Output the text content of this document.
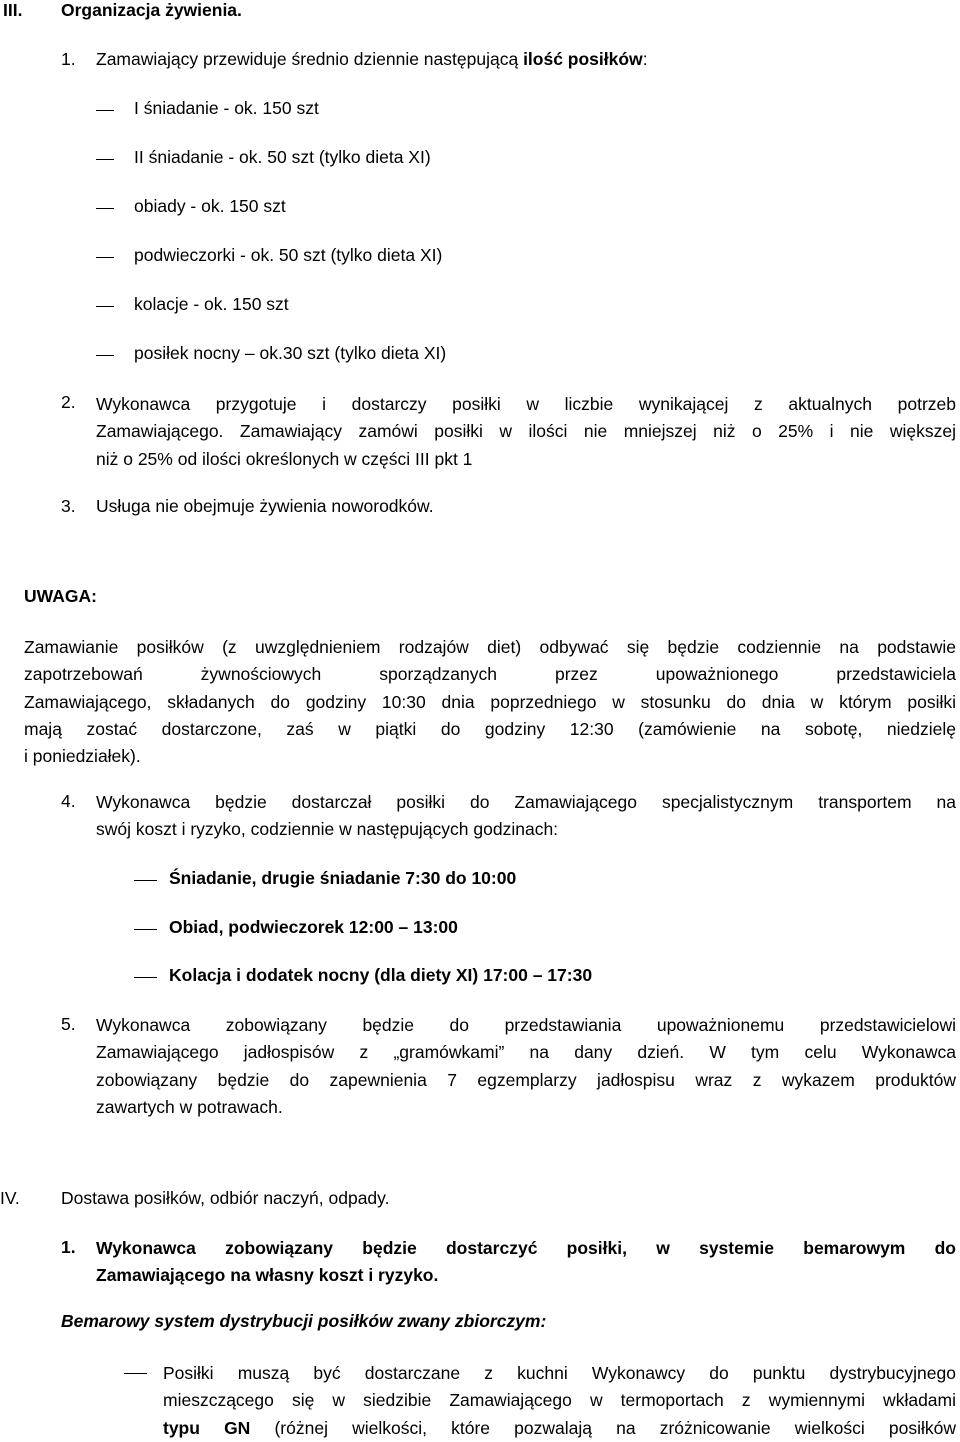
III. Organizacja żywienia.
1. Zamawiający przewiduje średnio dziennie następującą ilość posiłków:
I śniadanie - ok. 150 szt
II śniadanie - ok. 50 szt (tylko dieta XI)
obiady - ok. 150 szt
podwieczorki - ok. 50 szt (tylko dieta XI)
kolacje - ok. 150 szt
posiłek nocny – ok.30 szt (tylko dieta XI)
2. Wykonawca przygotuje i dostarczy posiłki w liczbie wynikającej z aktualnych potrzeb
Zamawiającego. Zamawiający zamówi posiłki w ilości nie mniejszej niż o 25% i nie większej
niż o 25% od ilości określonych w części III pkt 1
3. Usługa nie obejmuje żywienia noworodków.
UWAGA:
Zamawianie posiłków (z uwzględnieniem rodzajów diet) odbywać się będzie codziennie na podstawie
zapotrzebowań żywnościowych sporządzanych przez upoważnionego przedstawiciela
Zamawiającego, składanych do godziny 10:30 dnia poprzedniego w stosunku do dnia w którym posiłki
mają zostać dostarczone, zaś w piątki do godziny 12:30 (zamówienie na sobotę, niedzielę
i poniedziałek).
4. Wykonawca będzie dostarczał posiłki do Zamawiającego specjalistycznym transportem na
swój koszt i ryzyko, codziennie w następujących godzinach:
Śniadanie, drugie śniadanie 7:30 do 10:00
Obiad, podwieczorek 12:00 – 13:00
Kolacja i dodatek nocny (dla diety XI) 17:00 – 17:30
5. Wykonawca zobowiązany będzie do przedstawiania upoważnionemu przedstawicielowi
Zamawiającego jadłospisów z „gramówkami” na dany dzień. W tym celu Wykonawca
zobowiązany będzie do zapewnienia 7 egzemplarzy jadłospisu wraz z wykazem produktów
zawartych w potrawach.
IV. Dostawa posiłków, odbiór naczyń, odpady.
1. Wykonawca zobowiązany będzie dostarczyć posiłki, w systemie bemarowym do
Zamawiającego na własny koszt i ryzyko.
Bemarowy system dystrybucji posiłków zwany zbiorczym:
Posiłki muszą być dostarczane z kuchni Wykonawcy do punktu dystrybucyjnego
mieszczącego się w siedzibie Zamawiającego w termoportach z wymiennymi wkładami
typu GN (różnej wielkości, które pozwalają na zróżnicowanie wielkości posiłków
